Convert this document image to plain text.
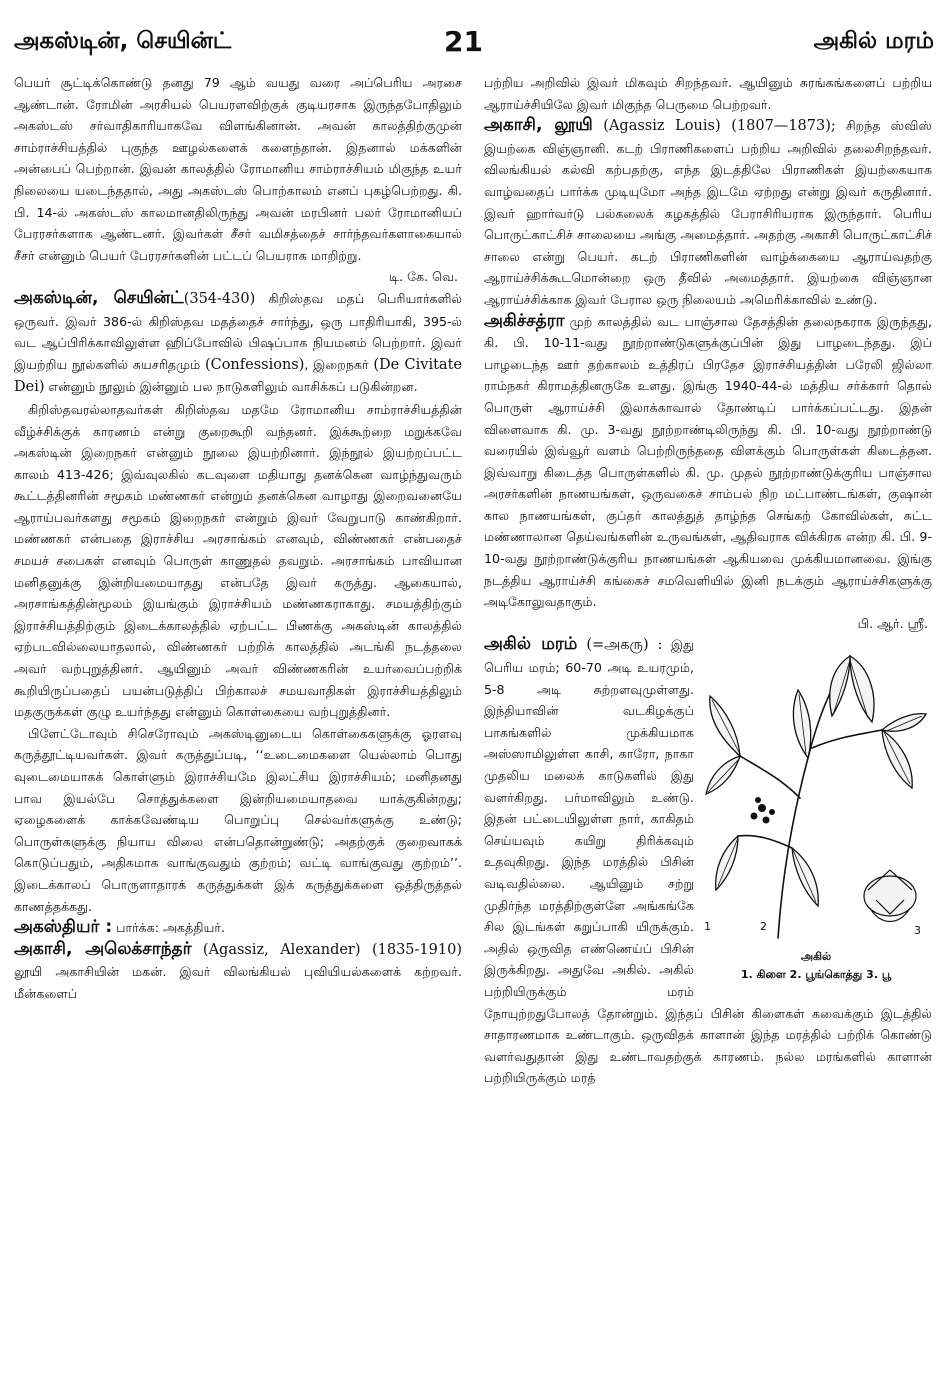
அகஸ்டின், செயின்ட்	21	அகில் மரம்

பெயர் சூட்டிக்கொண்டு தனது 79 ஆம் வயது வரை அப்பெரிய அரசை ஆண்டான். ரோமின் அரசியல் பெயரளவிற்குக் குடியரசாக இருந்தபோதிலும் அகஸ்டஸ் சர்வாதிகாரியாகவே விளங்கினான். அவன் காலத்திற்குமுன் சாம்ராச்சியத்தில் புகுந்த ஊழல்களைக் களைந்தான். இதனால் மக்களின் அன்பைப் பெற்றான். இவன் காலத்தில் ரோமானிய சாம்ராச்சியம் மிகுந்த உயர் நிலையை யடைந்ததால், அது அகஸ்டஸ் பொற்காலம் எனப் புகழ்பெற்றது. கி. பி. 14-ல் அகஸ்டஸ் காலமானதிலிருந்து அவன் மரபினர் பலர் ரோமானியப் பேரரசர்களாக ஆண்டனர். இவர்கள் சீசர் வமிசத்தைச் சார்ந்தவர்களாகையால் சீசர் என்னும் பெயர் பேரரசர்களின் பட்டப் பெயராக மாறிற்று.

டி. கே. வெ.

அகஸ்டின், செயின்ட்(354-430) கிறிஸ்தவ மதப் பெரியார்களில் ஒருவர். இவர் 386-ல் கிறிஸ்தவ மதத்தைச் சார்ந்து, ஒரு பாதிரியாகி, 395-ல் வட ஆப்பிரிக்காவிலுள்ள ஹிப்போவில் பிஷப்பாக நியமனம் பெற்றார். இவர் இயற்றிய நூல்களில் சுயசரிதமும் (Confessions), இறைநகர் (De Civitate Dei) என்னும் நூலும் இன்னும் பல நாடுகளிலும் வாசிக்கப் படுகின்றன.

கிறிஸ்தவரல்லாதவர்கள் கிறிஸ்தவ மதமே ரோமானிய சாம்ராச்சியத்தின் வீழ்ச்சிக்குக் காரணம் என்று குறைகூறி வந்தனர். இக்கூற்றை மறுக்கவே அகஸ்டின் இறைநகர் என்னும் நூலை இயற்றினார். இந்நூல் இயற்றப்பட்ட காலம் 413-426; இவ்வுலகில் கடவுளை மதியாது தனக்கென வாழ்ந்துவரும் கூட்டத்தினரின் சமூகம் மண்ணகர் என்றும் தனக்கென வாழாது இறைவனையே ஆராய்பவர்களது சமூகம் இறைநகர் என்றும் இவர் வேறுபாடு காண்கிறார். மண்ணகர் என்பதை இராச்சிய அரசாங்கம் எனவும், விண்ணகர் என்பதைச் சமயச் சபைகள் எனவும் பொருள் காணுதல் தவறும். அரசாங்கம் பாவியான மனிதனுக்கு இன்றியமையாதது என்பதே இவர் கருத்து. ஆகையால், அரசாங்கத்தின்மூலம் இயங்கும் இராச்சியம் மண்ணகராகாது. சமயத்திற்கும் இராச்சியத்திற்கும் இடைக்காலத்தில் ஏற்பட்ட பிணக்கு அகஸ்டின் காலத்தில் ஏற்படவில்லையாதலால், விண்ணகர் பற்றிக் காலத்தில் அடங்கி நடத்தலை அவர் வற்புறுத்தினர். ஆயினும் அவர் விண்ணகரின் உயர்வைப்பற்றிக் கூறியிருப்பதைப் பயன்படுத்திப் பிற்காலச் சமயவாதிகள் இராச்சியத்திலும் மதகுருக்கள் குழு உயர்ந்தது என்னும் கொள்கையை வற்புறுத்தினர்.

பிளேட்டோவும் சிசெரோவும் அகஸ்டினுடைய கொள்கைகளுக்கு ஓரளவு கருத்தூட்டியவர்கள். இவர் கருத்துப்படி, ‘‘உடைமைகளை யெல்லாம் பொது வுடைமையாகக் கொள்ளும் இராச்சியமே இலட்சிய இராச்சியம்; மனிதனது பாவ இயல்பே சொத்துக்களை இன்றியமையாதவை யாக்குகின்றது; ஏழைகளைக் காக்கவேண்டிய பொறுப்பு செல்வர்களுக்கு உண்டு; பொருள்களுக்கு நியாய விலை என்பதொன்றுண்டு; அதற்குக் குறைவாகக் கொடுப்பதும், அதிகமாக வாங்குவதும் குற்றம்; வட்டி வாங்குவது குற்றம்’’. இடைக்காலப் பொருளாதாரக் கருத்துக்கள் இக் கருத்துக்களை ஒத்திருத்தல் காணத்தக்கது.

அகஸ்தியர் : பார்க்க: அகத்தியர்.

அகாசி, அலெக்சாந்தர் (Agassiz, Alexander) (1835-1910) லூயி அகாசியின் மகன். இவர் விலங்கியல் புவியியல்களைக் கற்றவர். மீன்களைப்

பற்றிய அறிவில் இவர் மிகவும் சிறந்தவர். ஆயினும் சுரங்கங்களைப் பற்றிய ஆராய்ச்சியிலே இவர் மிகுந்த பெருமை பெற்றவர்.

அகாசி, லூயி (Agassiz Louis) (1807—1873); சிறந்த ஸ்விஸ் இயற்கை விஞ்ஞானி. கடற் பிராணிகளைப் பற்றிய அறிவில் தலைசிறந்தவர். விலங்கியல் கல்வி கற்பதற்கு, எந்த இடத்திலே பிராணிகள் இயற்கையாக வாழ்வதைப் பார்க்க முடியுமோ அந்த இடமே ஏற்றது என்று இவர் கருதினார். இவர் ஹார்வர்டு பல்கலைக் கழகத்தில் பேராசிரியராக இருந்தார். பெரிய பொருட்காட்சிச் சாலையை அங்கு அமைத்தார். அதற்கு அகாசி பொருட்காட்சிச் சாலை என்று பெயர். கடற் பிராணிகளின் வாழ்க்கையை ஆராய்வதற்கு ஆராய்ச்சிக்கூடமொன்றை ஒரு தீவில் அமைத்தார். இயற்கை விஞ்ஞான ஆராய்ச்சிக்காக இவர் பேரால ஒரு நிலையம் அமெரிக்காவில் உண்டு.

அகிச்சத்ரா முற் காலத்தில் வட பாஞ்சால தேசத்தின் தலைநகராக இருந்தது, கி. பி. 10-11-வது நூற்றாண்டுகளுக்குப்பின் இது பாழடைந்தது. இப் பாழடைந்த ஊர் தற்காலம் உத்திரப் பிரதேச இராச்சியத்தின் பரேலி ஜில்லா ராம்நகர் கிராமத்தினருகே உளது. இங்கு 1940-44-ல் மத்திய சர்க்கார் தொல் பொருள் ஆராய்ச்சி இலாக்காவால் தோண்டிப் பார்க்கப்பட்டது. இதன் விளைவாக கி. மு. 3-வது நூற்றாண்டிலிருந்து கி. பி. 10-வது நூற்றாண்டு வரையில் இவ்வூர் வளம் பெற்றிருந்ததை விளக்கும் பொருள்கள் கிடைத்தன. இவ்வாறு கிடைத்த பொருள்களில் கி. மு. முதல் நூற்றாண்டுக்குரிய பாஞ்சால அரசர்களின் நாணயங்கள், ஒருவகைச் சாம்பல் நிற மட்பாண்டங்கள், குஷான் கால நாணயங்கள், குப்தர் காலத்துத் தாழ்ந்த செங்கற் கோவில்கள், சுட்ட மண்ணாலான தெய்வங்களின் உருவங்கள், ஆதிவராக விக்கிரக என்ற கி. பி. 9-10-வது நூற்றாண்டுக்குரிய நாணயங்கள் ஆகியவை முக்கியமானவை. இங்கு நடத்திய ஆராய்ச்சி கங்கைச் சமவெளியில் இனி நடக்கும் ஆராய்ச்சிகளுக்கு அடிகோலுவதாகும்.

பி. ஆர். ஸ்ரீ.

அகில் மரம் (=அகரு) :
1	2	3
அகில்
1. கிளை 2. பூங்கொத்து 3. பூ
இது பெரிய மரம்; 60-70 அடி உயரமும், 5-8 அடி சுற்றளவுமுள்ளது. இந்தியாவின் வடகிழக்குப் பாகங்களில் முக்கியமாக அஸ்ஸாமிலுள்ள காசி, காரோ, நாகா முதலிய மலைக் காடுகளில் இது வளர்கிறது. பர்மாவிலும் உண்டு. இதன் பட்டையிலுள்ள நார், காகிதம் செய்யவும் கயிறு திரிக்கவும் உதவுகிறது. இந்த மரத்தில் பிசின் வடிவதில்லை. ஆயினும் சற்று முதிர்ந்த மரத்திற்குள்ளே அங்கங்கே சில இடங்கள் கறுப்பாகி யிருக்கும். அதில் ஒருவித எண்ணெய்ப் பிசின் இருக்கிறது. அதுவே அகில். அகில் பற்றியிருக்கும் மரம் நோயுற்றதுபோலத் தோன்றும். இந்தப் பிசின் கிளைகள் கவைக்கும் இடத்தில் சாதாரணமாக உண்டாகும். ஒருவிதக் காளான் இந்த மரத்தில் பற்றிக் கொண்டு வளர்வதுதான் இது உண்டாவதற்குக் காரணம். நல்ல மரங்களில் காளான் பற்றியிருக்கும் மரத்
